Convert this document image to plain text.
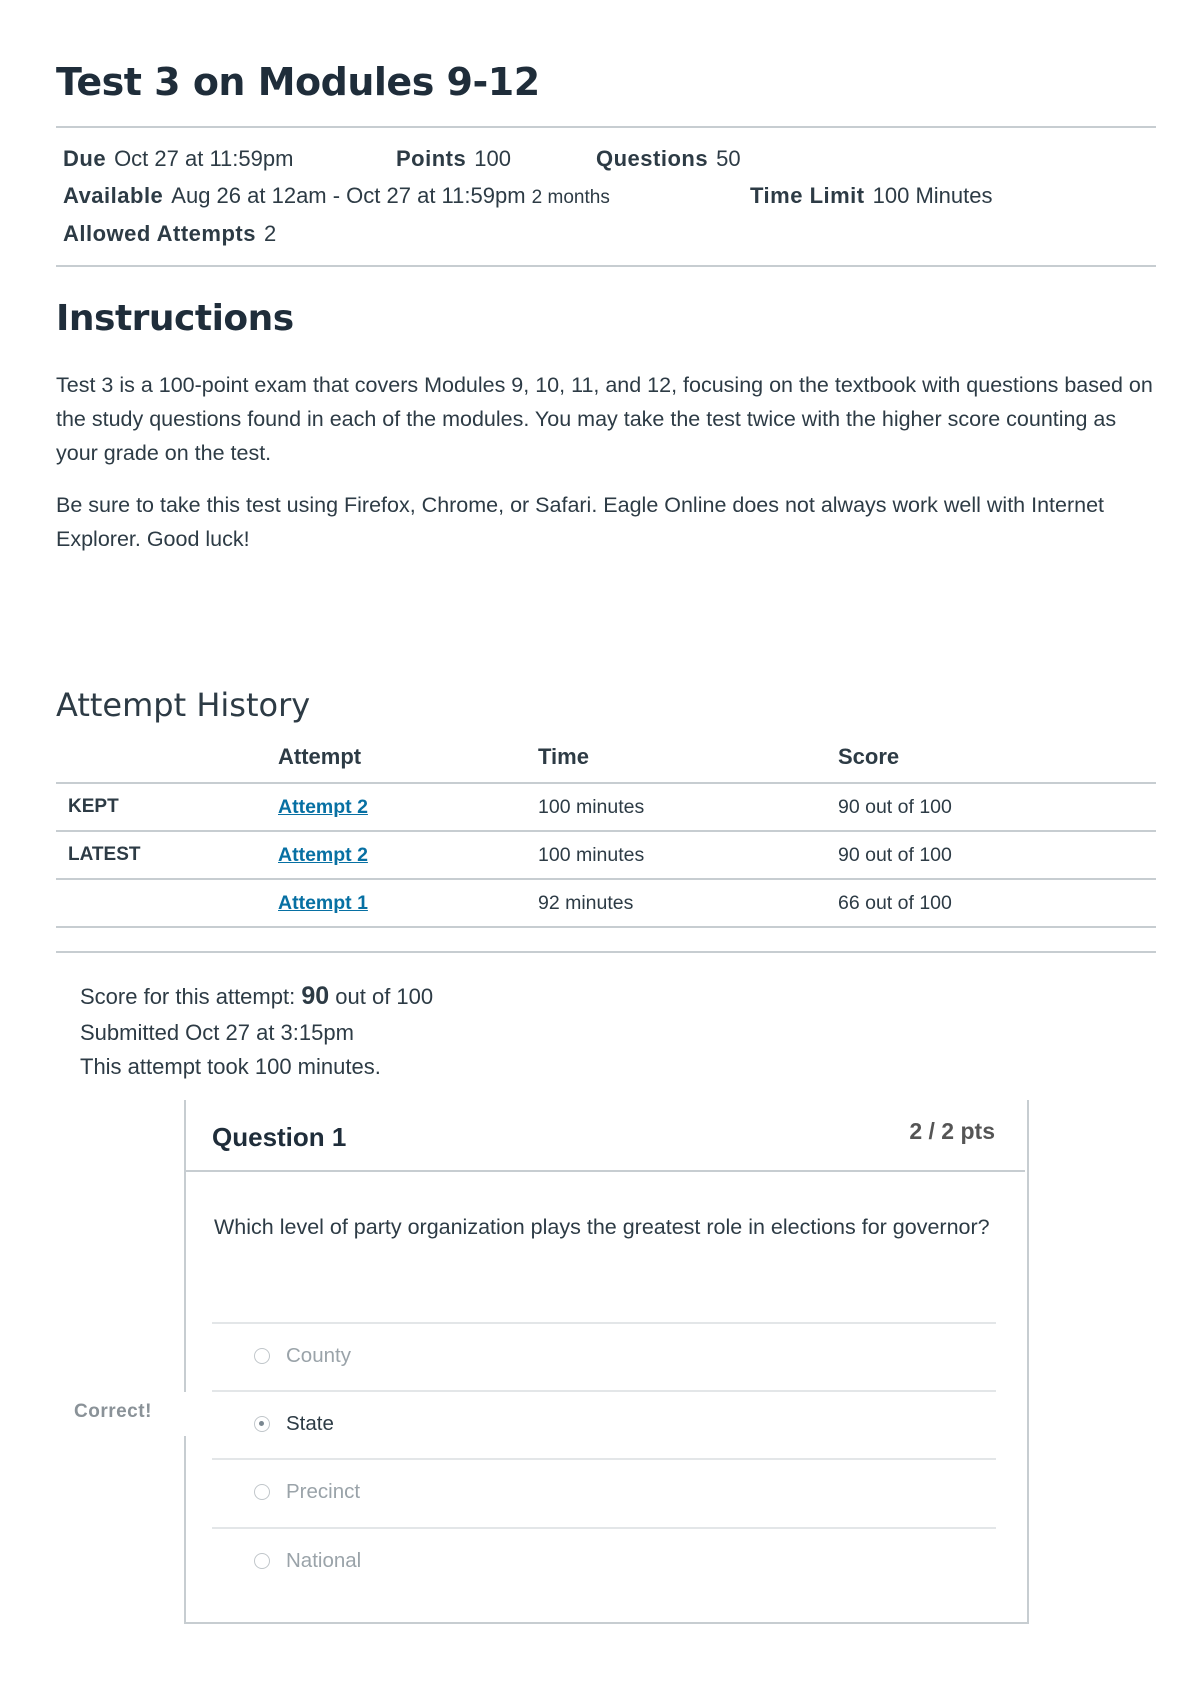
Test 3 on Modules 9-12
Due Oct 27 at 11:59pm	Points 100	Questions 50
Available Aug 26 at 12am - Oct 27 at 11:59pm 2 months	Time Limit 100 Minutes
Allowed Attempts 2
Instructions

Test 3 is a 100-point exam that covers Modules 9, 10, 11, and 12, focusing on the textbook with questions based on the study questions found in each of the modules. You may take the test twice with the higher score counting as your grade on the test.

Be sure to take this test using Firefox, Chrome, or Safari. Eagle Online does not always work well with Internet Explorer. Good luck!

Attempt History
	Attempt	Time	Score
KEPT	Attempt 2	100 minutes	90 out of 100
LATEST	Attempt 2	100 minutes	90 out of 100
	Attempt 1	92 minutes	66 out of 100
Score for this attempt: 90 out of 100
Submitted Oct 27 at 3:15pm
This attempt took 100 minutes.
Question 1	2 / 2 pts

Which level of party organization plays the greatest role in elections for governor?

County
State
Precinct
National
Correct!
